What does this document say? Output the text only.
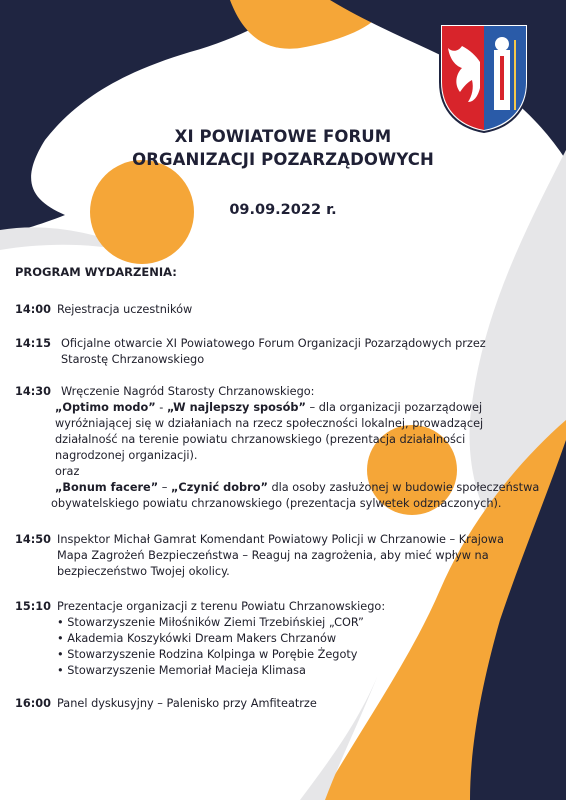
XI POWIATOWE FORUM
ORGANIZACJI POZARZĄDOWYCH
09.09.2022 r.
PROGRAM WYDARZENIA:
14:00 Rejestracja uczestników
14:15 Oficjalne otwarcie XI Powiatowego Forum Organizacji Pozarządowych przez
Starostę Chrzanowskiego
14:30 Wręczenie Nagród Starosty Chrzanowskiego:
„Optimo modo” - „W najlepszy sposób” – dla organizacji pozarządowej
wyróżniającej się w działaniach na rzecz społeczności lokalnej, prowadzącej
działalność na terenie powiatu chrzanowskiego (prezentacja działalności
nagrodzonej organizacji).
oraz
„Bonum facere” – „Czynić dobro” dla osoby zasłużonej w budowie społeczeństwa
obywatelskiego powiatu chrzanowskiego (prezentacja sylwetek odznaczonych).
14:50 Inspektor Michał Gamrat Komendant Powiatowy Policji w Chrzanowie – Krajowa
Mapa Zagrożeń Bezpieczeństwa – Reaguj na zagrożenia, aby mieć wpływ na
bezpieczeństwo Twojej okolicy.
15:10 Prezentacje organizacji z terenu Powiatu Chrzanowskiego:
• Stowarzyszenie Miłośników Ziemi Trzebińskiej „COR”
• Akademia Koszykówki Dream Makers Chrzanów
• Stowarzyszenie Rodzina Kolpinga w Porębie Żegoty
• Stowarzyszenie Memoriał Macieja Klimasa
16:00 Panel dyskusyjny – Palenisko przy Amfiteatrze
